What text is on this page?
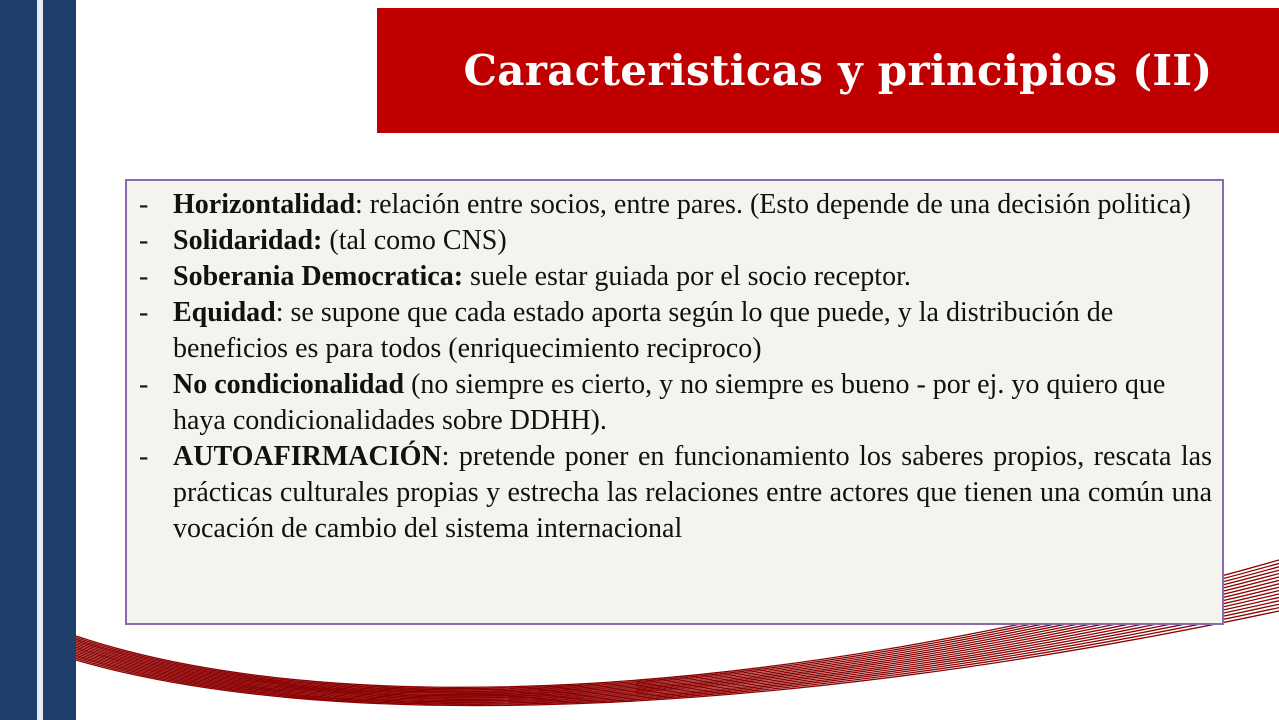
Caracteristicas y principios (II)
- Horizontalidad: relación entre socios, entre pares. (Esto depende de una decisión politica)
- Solidaridad: (tal como CNS)
- Soberania Democratica: suele estar guiada por el socio receptor.
- Equidad: se supone que cada estado aporta según lo que puede, y la distribución de beneficios es para todos (enriquecimiento reciproco)
- No condicionalidad (no siempre es cierto, y no siempre es bueno - por ej. yo quiero que haya condicionalidades sobre DDHH).
- AUTOAFIRMACIÓN: pretende poner en funcionamiento los saberes propios, rescata las prácticas culturales propias y estrecha las relaciones entre actores que tienen una común una vocación de cambio del sistema internacional
